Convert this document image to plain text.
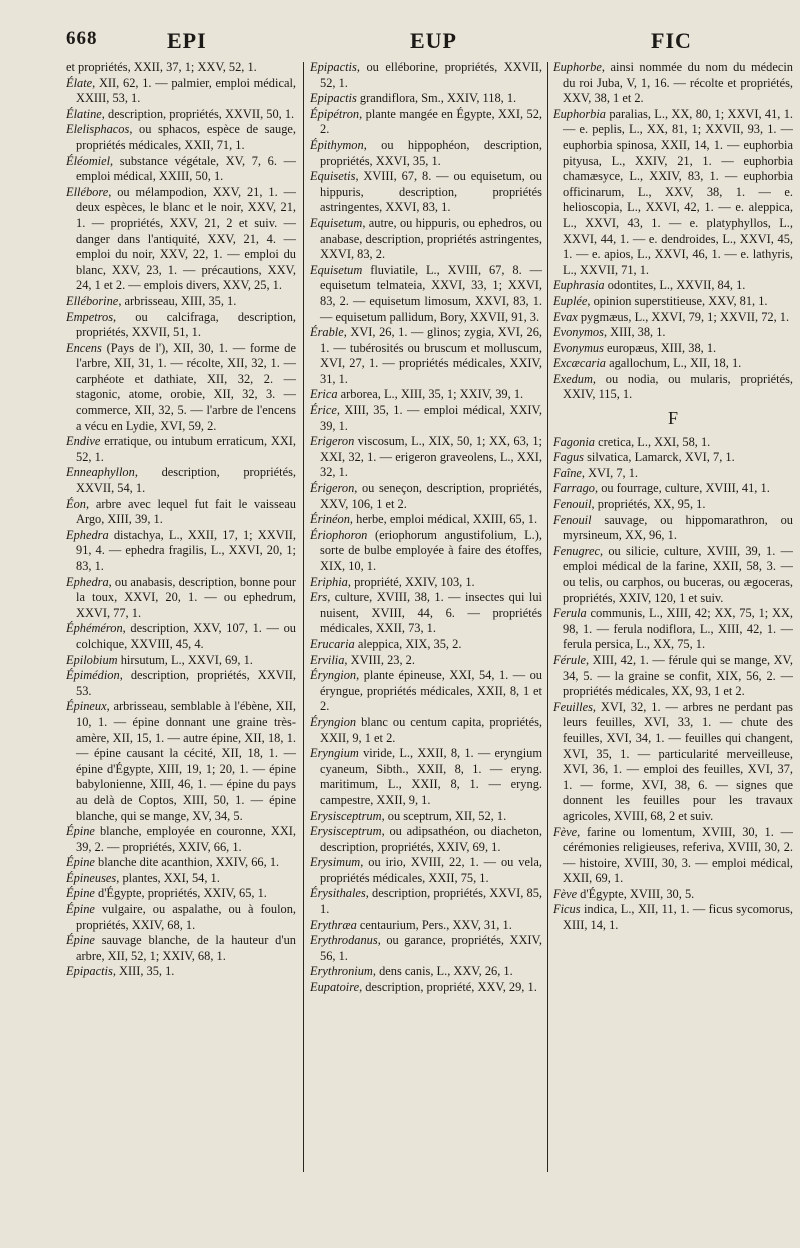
668	EPI	EUP	FIC

et propriétés, XXII, 37, 1; XXV, 52, 1.

Élate, XII, 62, 1. — palmier, emploi médical, XXIII, 53, 1.

Élatine, description, propriétés, XXVII, 50, 1.

Elelisphacos, ou sphacos, espèce de sauge, propriétés médicales, XXII, 71, 1.

Éléomiel, substance végétale, XV, 7, 6. — emploi médical, XXIII, 50, 1.

Ellébore, ou mélampodion, XXV, 21, 1. — deux espèces, le blanc et le noir, XXV, 21, 1. — propriétés, XXV, 21, 2 et suiv. — danger dans l'antiquité, XXV, 21, 4. — emploi du noir, XXV, 22, 1. — emploi du blanc, XXV, 23, 1. — précautions, XXV, 24, 1 et 2. — emplois divers, XXV, 25, 1.

Elléborine, arbrisseau, XIII, 35, 1.

Empetros, ou calcifraga, description, propriétés, XXVII, 51, 1.

Encens (Pays de l'), XII, 30, 1. — forme de l'arbre, XII, 31, 1. — récolte, XII, 32, 1. — carphéote et dathiate, XII, 32, 2. — stagonic, atome, orobie, XII, 32, 3. — commerce, XII, 32, 5. — l'arbre de l'encens a vécu en Lydie, XVI, 59, 2.

Endive erratique, ou intubum erraticum, XXI, 52, 1.

Enneaphyllon, description, propriétés, XXVII, 54, 1.

Éon, arbre avec lequel fut fait le vaisseau Argo, XIII, 39, 1.

Ephedra distachya, L., XXII, 17, 1; XXVII, 91, 4. — ephedra fragilis, L., XXVI, 20, 1; 83, 1.

Ephedra, ou anabasis, description, bonne pour la toux, XXVI, 20, 1. — ou ephedrum, XXVI, 77, 1.

Éphéméron, description, XXV, 107, 1. — ou colchique, XXVIII, 45, 4.

Epilobium hirsutum, L., XXVI, 69, 1.

Épimédion, description, propriétés, XXVII, 53.

Épineux, arbrisseau, semblable à l'ébène, XII, 10, 1. — épine donnant une graine très-amère, XII, 15, 1. — autre épine, XII, 18, 1. — épine causant la cécité, XII, 18, 1. — épine d'Égypte, XIII, 19, 1; 20, 1. — épine babylonienne, XIII, 46, 1. — épine du pays au delà de Coptos, XIII, 50, 1. — épine blanche, qui se mange, XV, 34, 5.

Épine blanche, employée en couronne, XXI, 39, 2. — propriétés, XXIV, 66, 1.

Épine blanche dite acanthion, XXIV, 66, 1.

Épineuses, plantes, XXI, 54, 1.

Épine d'Égypte, propriétés, XXIV, 65, 1.

Épine vulgaire, ou aspalathe, ou à foulon, propriétés, XXIV, 68, 1.

Épine sauvage blanche, de la hauteur d'un arbre, XII, 52, 1; XXIV, 68, 1.

Epipactis, XIII, 35, 1.

Epipactis, ou elléborine, propriétés, XXVII, 52, 1.

Epipactis grandiflora, Sm., XXIV, 118, 1.

Épipétron, plante mangée en Égypte, XXI, 52, 2.

Épithymon, ou hippophéon, description, propriétés, XXVI, 35, 1.

Equisetis, XVIII, 67, 8. — ou equisetum, ou hippuris, description, propriétés astringentes, XXVI, 83, 1.

Equisetum, autre, ou hippuris, ou ephedros, ou anabase, description, propriétés astringentes, XXVI, 83, 2.

Equisetum fluviatile, L., XVIII, 67, 8. — equisetum telmateia, XXVI, 33, 1; XXVI, 83, 2. — equisetum limosum, XXVI, 83, 1. — equisetum pallidum, Bory, XXVII, 91, 3.

Érable, XVI, 26, 1. — glinos; zygia, XVI, 26, 1. — tubérosités ou bruscum et molluscum, XVI, 27, 1. — propriétés médicales, XXIV, 31, 1.

Erica arborea, L., XIII, 35, 1; XXIV, 39, 1.

Érice, XIII, 35, 1. — emploi médical, XXIV, 39, 1.

Erigeron viscosum, L., XIX, 50, 1; XX, 63, 1; XXI, 32, 1. — erigeron graveolens, L., XXI, 32, 1.

Érigeron, ou seneçon, description, propriétés, XXV, 106, 1 et 2.

Érinéon, herbe, emploi médical, XXIII, 65, 1.

Ériophoron (eriophorum angustifolium, L.), sorte de bulbe employée à faire des étoffes, XIX, 10, 1.

Eriphia, propriété, XXIV, 103, 1.

Ers, culture, XVIII, 38, 1. — insectes qui lui nuisent, XVIII, 44, 6. — propriétés médicales, XXII, 73, 1.

Erucaria aleppica, XIX, 35, 2.

Ervilia, XVIII, 23, 2.

Éryngion, plante épineuse, XXI, 54, 1. — ou éryngue, propriétés médicales, XXII, 8, 1 et 2.

Éryngion blanc ou centum capita, propriétés, XXII, 9, 1 et 2.

Eryngium viride, L., XXII, 8, 1. — eryngium cyaneum, Sibth., XXII, 8, 1. — eryng. maritimum, L., XXII, 8, 1. — eryng. campestre, XXII, 9, 1.

Erysisceptrum, ou sceptrum, XII, 52, 1.

Erysisceptrum, ou adipsathéon, ou diacheton, description, propriétés, XXIV, 69, 1.

Erysimum, ou irio, XVIII, 22, 1. — ou vela, propriétés médicales, XXII, 75, 1.

Érysithales, description, propriétés, XXVI, 85, 1.

Erythræa centaurium, Pers., XXV, 31, 1.

Erythrodanus, ou garance, propriétés, XXIV, 56, 1.

Erythronium, dens canis, L., XXV, 26, 1.

Eupatoire, description, propriété, XXV, 29, 1.

Euphorbe, ainsi nommée du nom du médecin du roi Juba, V, 1, 16. — récolte et propriétés, XXV, 38, 1 et 2.

Euphorbia paralias, L., XX, 80, 1; XXVI, 41, 1. — e. peplis, L., XX, 81, 1; XXVII, 93, 1. — euphorbia spinosa, XXII, 14, 1. — euphorbia pityusa, L., XXIV, 21, 1. — euphorbia chamæsyce, L., XXIV, 83, 1. — euphorbia officinarum, L., XXV, 38, 1. — e. helioscopia, L., XXVI, 42, 1. — e. aleppica, L., XXVI, 43, 1. — e. platyphyllos, L., XXVI, 44, 1. — e. dendroides, L., XXVI, 45, 1. — e. apios, L., XXVI, 46, 1. — e. lathyris, L., XXVII, 71, 1.

Euphrasia odontites, L., XXVII, 84, 1.

Euplée, opinion superstitieuse, XXV, 81, 1.

Evax pygmæus, L., XXVI, 79, 1; XXVII, 72, 1.

Evonymos, XIII, 38, 1.

Evonymus europæus, XIII, 38, 1.

Excæcaria agallochum, L., XII, 18, 1.

Exedum, ou nodia, ou mularis, propriétés, XXIV, 115, 1.

F

Fagonia cretica, L., XXI, 58, 1.

Fagus silvatica, Lamarck, XVI, 7, 1.

Faîne, XVI, 7, 1.

Farrago, ou fourrage, culture, XVIII, 41, 1.

Fenouil, propriétés, XX, 95, 1.

Fenouil sauvage, ou hippomarathron, ou myrsineum, XX, 96, 1.

Fenugrec, ou silicie, culture, XVIII, 39, 1. — emploi médical de la farine, XXII, 58, 3. — ou telis, ou carphos, ou buceras, ou ægoceras, propriétés, XXIV, 120, 1 et suiv.

Ferula communis, L., XIII, 42; XX, 75, 1; XX, 98, 1. — ferula nodiflora, L., XIII, 42, 1. — ferula persica, L., XX, 75, 1.

Férule, XIII, 42, 1. — férule qui se mange, XV, 34, 5. — la graine se confit, XIX, 56, 2. — propriétés médicales, XX, 93, 1 et 2.

Feuilles, XVI, 32, 1. — arbres ne perdant pas leurs feuilles, XVI, 33, 1. — chute des feuilles, XVI, 34, 1. — feuilles qui changent, XVI, 35, 1. — particularité merveilleuse, XVI, 36, 1. — emploi des feuilles, XVI, 37, 1. — forme, XVI, 38, 6. — signes que donnent les feuilles pour les travaux agricoles, XVIII, 68, 2 et suiv.

Fève, farine ou lomentum, XVIII, 30, 1. — cérémonies religieuses, referiva, XVIII, 30, 2. — histoire, XVIII, 30, 3. — emploi médical, XXII, 69, 1.

Fève d'Égypte, XVIII, 30, 5.

Ficus indica, L., XII, 11, 1. — ficus sycomorus, XIII, 14, 1.
